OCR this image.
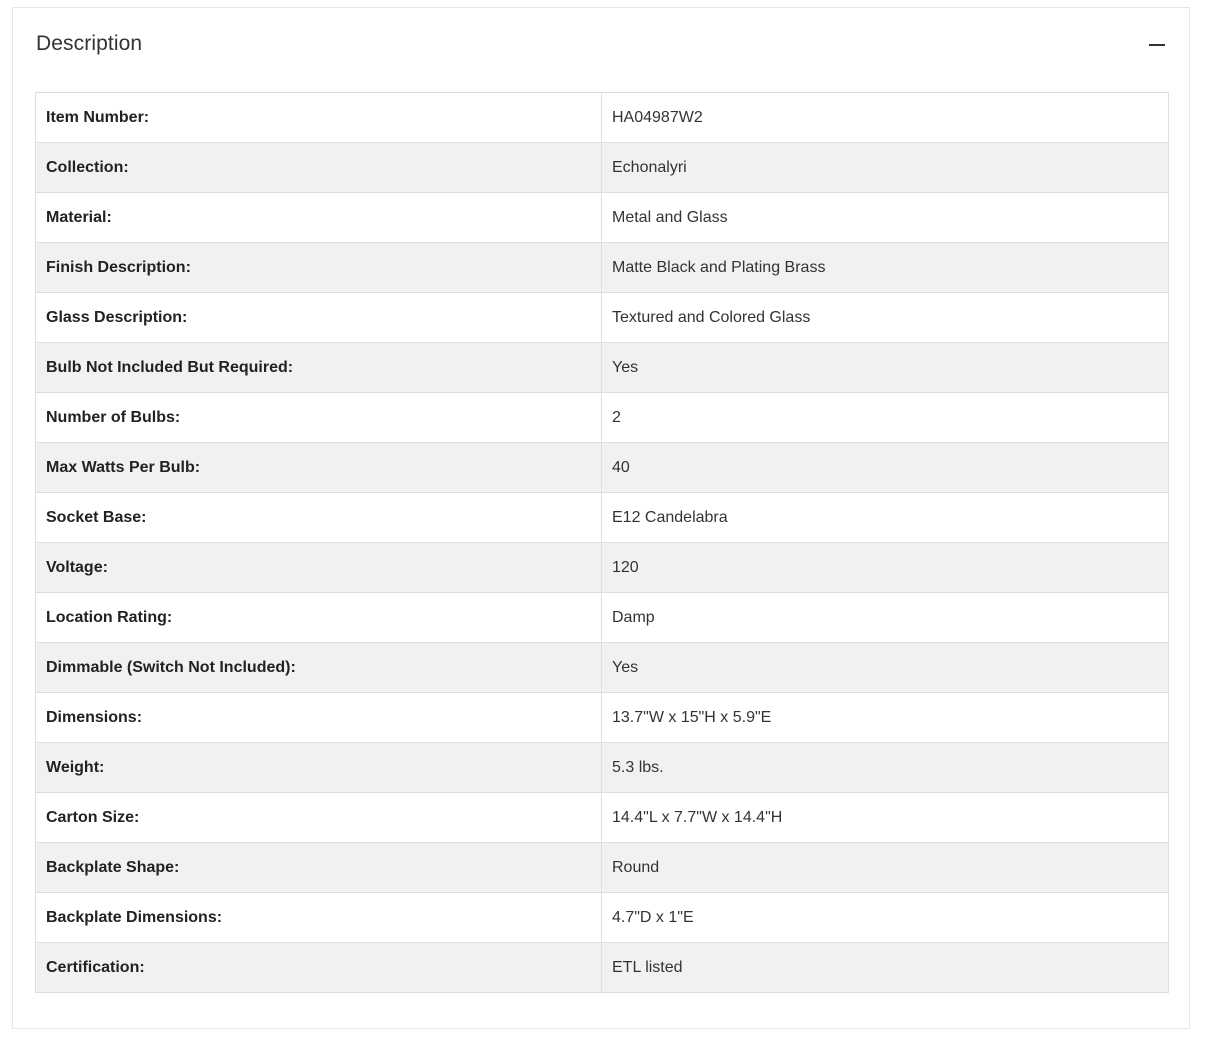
Description
Item Number:	HA04987W2
Collection:	Echonalyri
Material:	Metal and Glass
Finish Description:	Matte Black and Plating Brass
Glass Description:	Textured and Colored Glass
Bulb Not Included But Required:	Yes
Number of Bulbs:	2
Max Watts Per Bulb:	40
Socket Base:	E12 Candelabra
Voltage:	120
Location Rating:	Damp
Dimmable (Switch Not Included):	Yes
Dimensions:	13.7"W x 15"H x 5.9"E
Weight:	5.3 lbs.
Carton Size:	14.4"L x 7.7"W x 14.4"H
Backplate Shape:	Round
Backplate Dimensions:	4.7"D x 1"E
Certification:	ETL listed
